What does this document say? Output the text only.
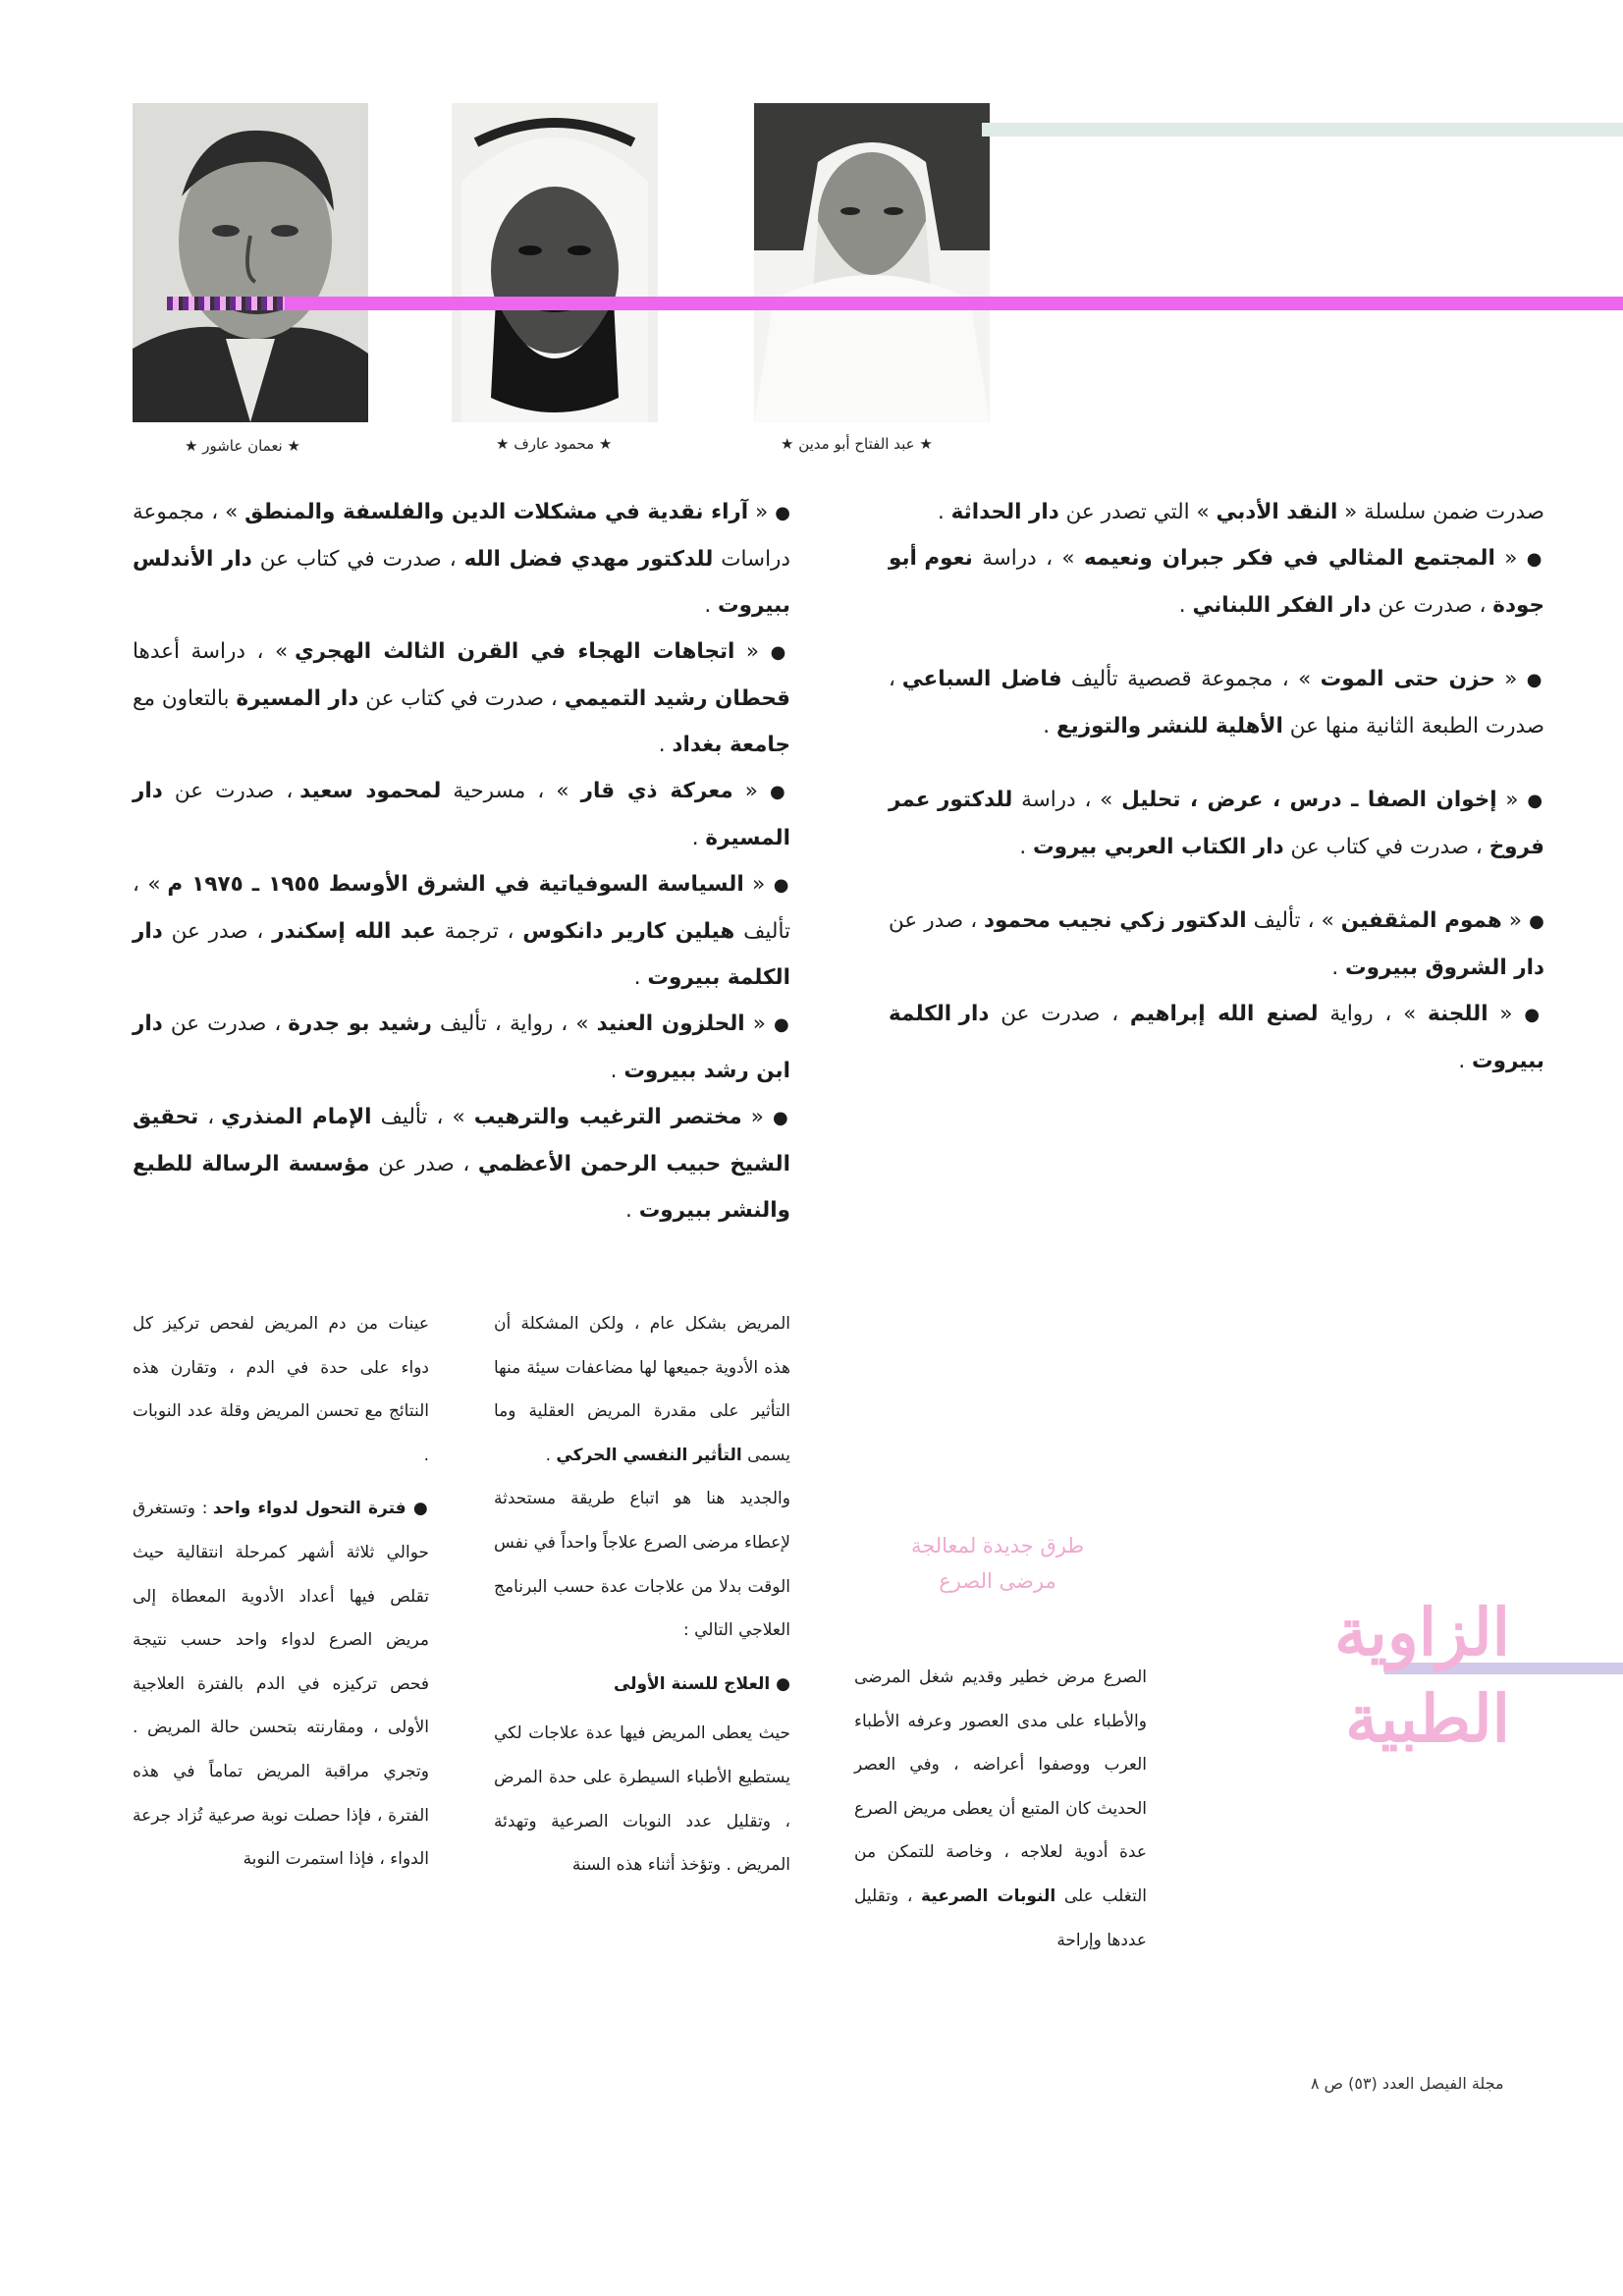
★ نعمان عاشور ★	★ محمود عارف ★	★ عبد الفتاح أبو مدين ★

صدرت ضمن سلسلة « النقد الأدبي » التي تصدر عن دار الحداثة .

● « المجتمع المثالي في فكر جبران ونعيمه » ، دراسة نعوم أبو جودة ، صدرت عن دار الفكر اللبناني .

● « حزن حتى الموت » ، مجموعة قصصية تأليف فاضل السباعي ، صدرت الطبعة الثانية منها عن الأهلية للنشر والتوزيع .

● « إخوان الصفا ـ درس ، عرض ، تحليل » ، دراسة للدكتور عمر فروخ ، صدرت في كتاب عن دار الكتاب العربي بيروت .

● « هموم المثقفين » ، تأليف الدكتور زكي نجيب محمود ، صدر عن دار الشروق ببيروت .

● « اللجنة » ، رواية لصنع الله إبراهيم ، صدرت عن دار الكلمة ببيروت .

● « آراء نقدية في مشكلات الدين والفلسفة والمنطق » ، مجموعة دراسات للدكتور مهدي فضل الله ، صدرت في كتاب عن دار الأندلس ببيروت .

● « اتجاهات الهجاء في القرن الثالث الهجري » ، دراسة أعدها قحطان رشيد التميمي ، صدرت في كتاب عن دار المسيرة بالتعاون مع جامعة بغداد .

● « معركة ذي قار » ، مسرحية لمحمود سعيد ، صدرت عن دار المسيرة .

● « السياسة السوفياتية في الشرق الأوسط ١٩٥٥ ـ ١٩٧٥ م » ، تأليف هيلين كارير دانكوس ، ترجمة عبد الله إسكندر ، صدر عن دار الكلمة ببيروت .

● « الحلزون العنيد » ، رواية ، تأليف رشيد بو جدرة ، صدرت عن دار ابن رشد ببيروت .

● « مختصر الترغيب والترهيب » ، تأليف الإمام المنذري ، تحقيق الشيخ حبيب الرحمن الأعظمي ، صدر عن مؤسسة الرسالة للطبع والنشر ببيروت .

الزاوية
الطبية
طرق جديدة لمعالجة
مرضى الصرع

الصرع مرض خطير وقديم شغل المرضى والأطباء على مدى العصور وعرفه الأطباء العرب ووصفوا أعراضه ، وفي العصر الحديث كان المتبع أن يعطى مريض الصرع عدة أدوية لعلاجه ، وخاصة للتمكن من التغلب على النوبات الصرعية ، وتقليل عددها وإراحة

المريض بشكل عام ، ولكن المشكلة أن هذه الأدوية جميعها لها مضاعفات سيئة منها التأثير على مقدرة المريض العقلية وما يسمى التأثير النفسي الحركي .

والجديد هنا هو اتباع طريقة مستحدثة لإعطاء مرضى الصرع علاجاً واحداً في نفس الوقت بدلا من علاجات عدة حسب البرنامج العلاجي التالي :

● العلاج للسنة الأولى

حيث يعطى المريض فيها عدة علاجات لكي يستطيع الأطباء السيطرة على حدة المرض ، وتقليل عدد النوبات الصرعية وتهدئة المريض . وتؤخذ أثناء هذه السنة

عينات من دم المريض لفحص تركيز كل دواء على حدة في الدم ، وتقارن هذه النتائج مع تحسن المريض وقلة عدد النوبات .

● فترة التحول لدواء واحد : وتستغرق حوالي ثلاثة أشهر كمرحلة انتقالية حيث تقلص فيها أعداد الأدوية المعطاة إلى مريض الصرع لدواء واحد حسب نتيجة فحص تركيزه في الدم بالفترة العلاجية الأولى ، ومقارنته بتحسن حالة المريض . وتجري مراقبة المريض تماماً في هذه الفترة ، فإذا حصلت نوبة صرعية تُزاد جرعة الدواء ، فإذا استمرت النوبة

مجلة الفيصل العدد (٥٣) ص ٨
